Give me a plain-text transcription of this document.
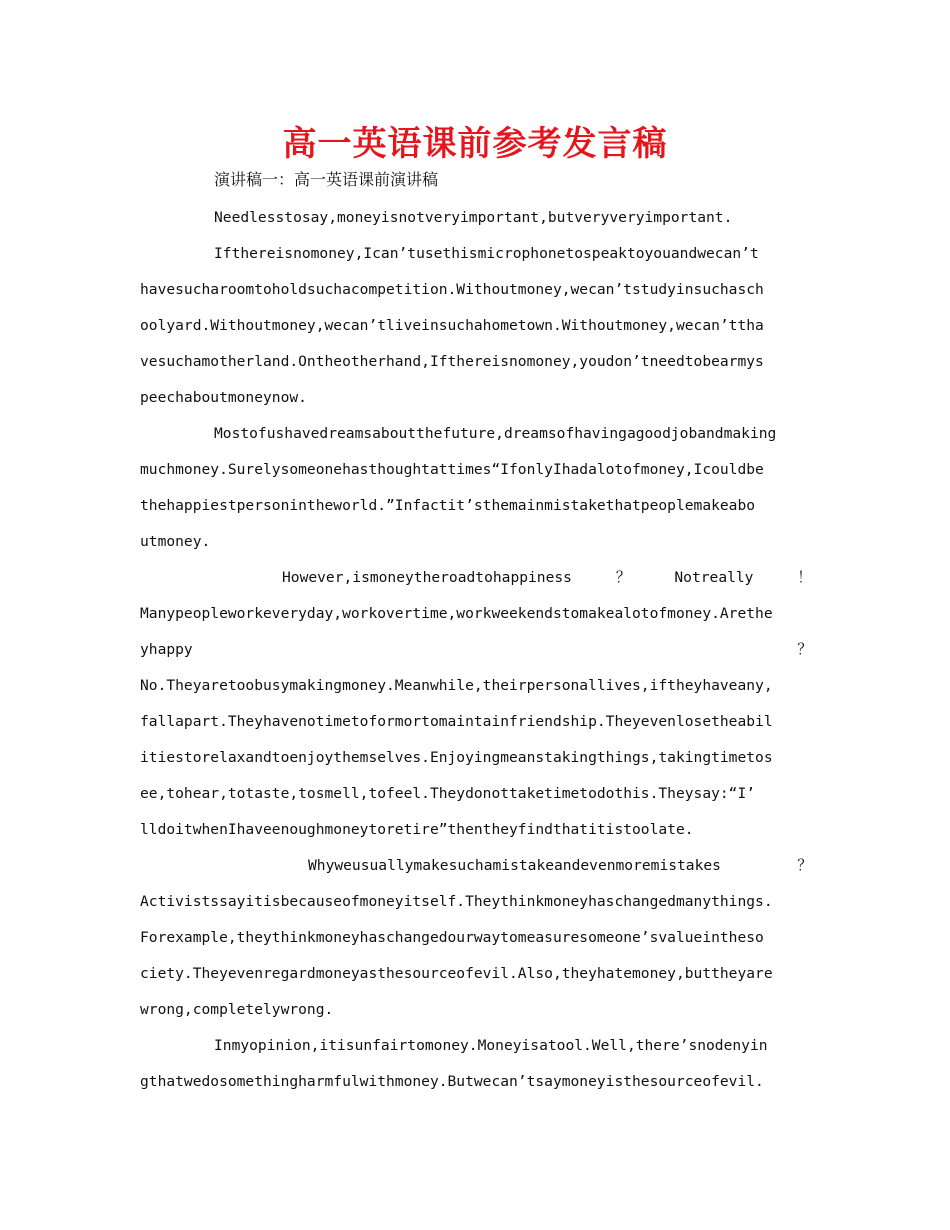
高一英语课前参考发言稿
演讲稿一：高一英语课前演讲稿
Needlesstosay,moneyisnotveryimportant,butveryveryimportant.
Ifthereisnomoney,Ican’tusethismicrophonetospeaktoyouandwecan’t
havesucharoomtoholdsuchacompetition.Withoutmoney,wecan’tstudyinsuchasch
oolyard.Withoutmoney,wecan’tliveinsuchahometown.Withoutmoney,wecan’ttha
vesuchamotherland.Ontheotherhand,Ifthereisnomoney,youdon’tneedtobearmys
peechaboutmoneynow.
Mostofushavedreamsaboutthefuture,dreamsofhavingagoodjobandmaking
muchmoney.Surelysomeonehasthoughtattimes“IfonlyIhadalotofmoney,Icouldbe
thehappiestpersonintheworld.”Infactit’sthemainmistakethatpeoplemakeabo
utmoney.
However,ismoneytheroadtohappiness　？　Notreally　！
Manypeopleworkeveryday,workovertime,workweekendstomakealotofmoney.Arethe
yhappy　　　　　　　　　　　　　　　　　　　　　　　　？
No.Theyaretoobusymakingmoney.Meanwhile,theirpersonallives,iftheyhaveany,
fallapart.Theyhavenotimetoformortomaintainfriendship.Theyevenlosetheabil
itiestorelaxandtoenjoythemselves.Enjoyingmeanstakingthings,takingtimetos
ee,tohear,totaste,tosmell,tofeel.Theydonottaketimetodothis.Theysay:“I’
lldoitwhenIhaveenoughmoneytoretire”thentheyfindthatitistoolate.
Whyweusuallymakesuchamistakeandevenmoremistakes　？
Activistssayitisbecauseofmoneyitself.Theythinkmoneyhaschangedmanythings.
Forexample,theythinkmoneyhaschangedourwaytomeasuresomeone’svalueintheso
ciety.Theyevenregardmoneyasthesourceofevil.Also,theyhatemoney,buttheyare
wrong,completelywrong.
Inmyopinion,itisunfairtomoney.Moneyisatool.Well,there’snodenyin
gthatwedosomethingharmfulwithmoney.Butwecan’tsaymoneyisthesourceofevil.
